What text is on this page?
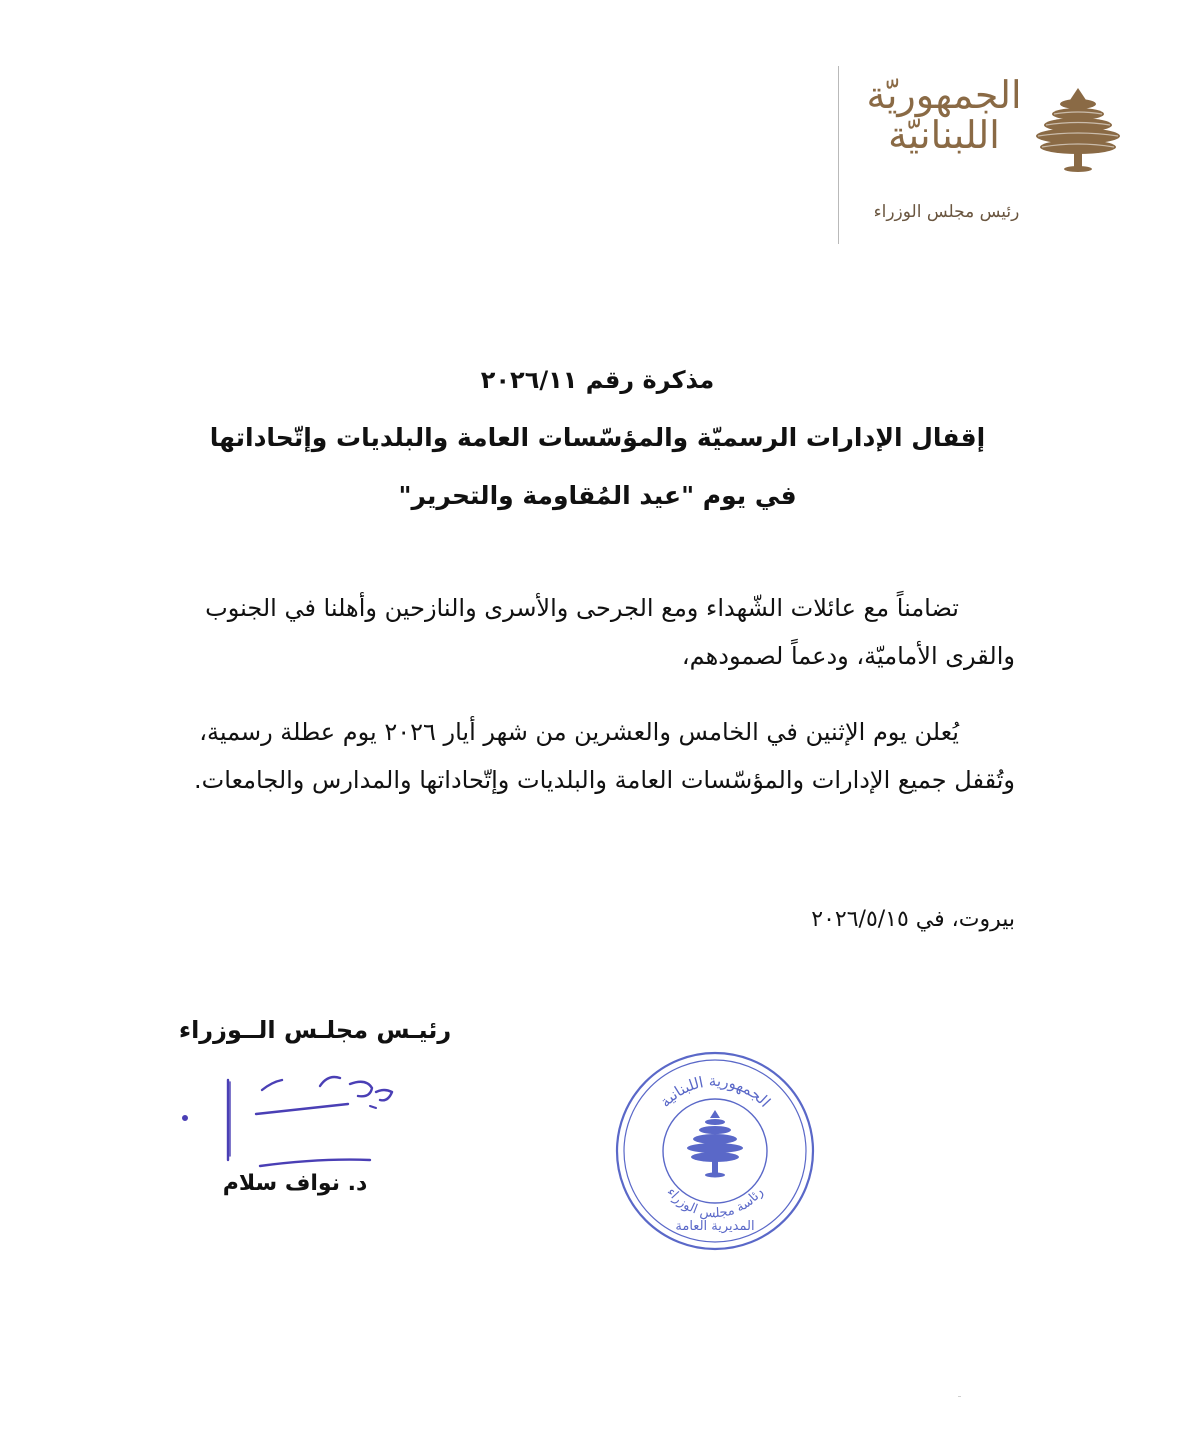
الجمهوريّة
اللبنانيّة
رئيس مجلس الوزراء
مذكرة رقم ٢٠٢٦/١١
إقفال الإدارات الرسميّة والمؤسّسات العامة والبلديات وإتّحاداتها
في يوم "عيد المُقاومة والتحرير"

تضامناً مع عائلات الشّهداء ومع الجرحى والأسرى والنازحين وأهلنا في الجنوب والقرى الأماميّة، ودعماً لصمودهم،

يُعلن يوم الإثنين في الخامس والعشرين من شهر أيار ٢٠٢٦ يوم عطلة رسمية، وتُقفل جميع الإدارات والمؤسّسات العامة والبلديات وإتّحاداتها والمدارس والجامعات.

بيروت، في ٢٠٢٦/٥/١٥
رئيـس مجلـس الــوزراء
د. نواف سلام
الجمهورية اللبنانية
رئاسة مجلس الوزراء
المديرية العامة
